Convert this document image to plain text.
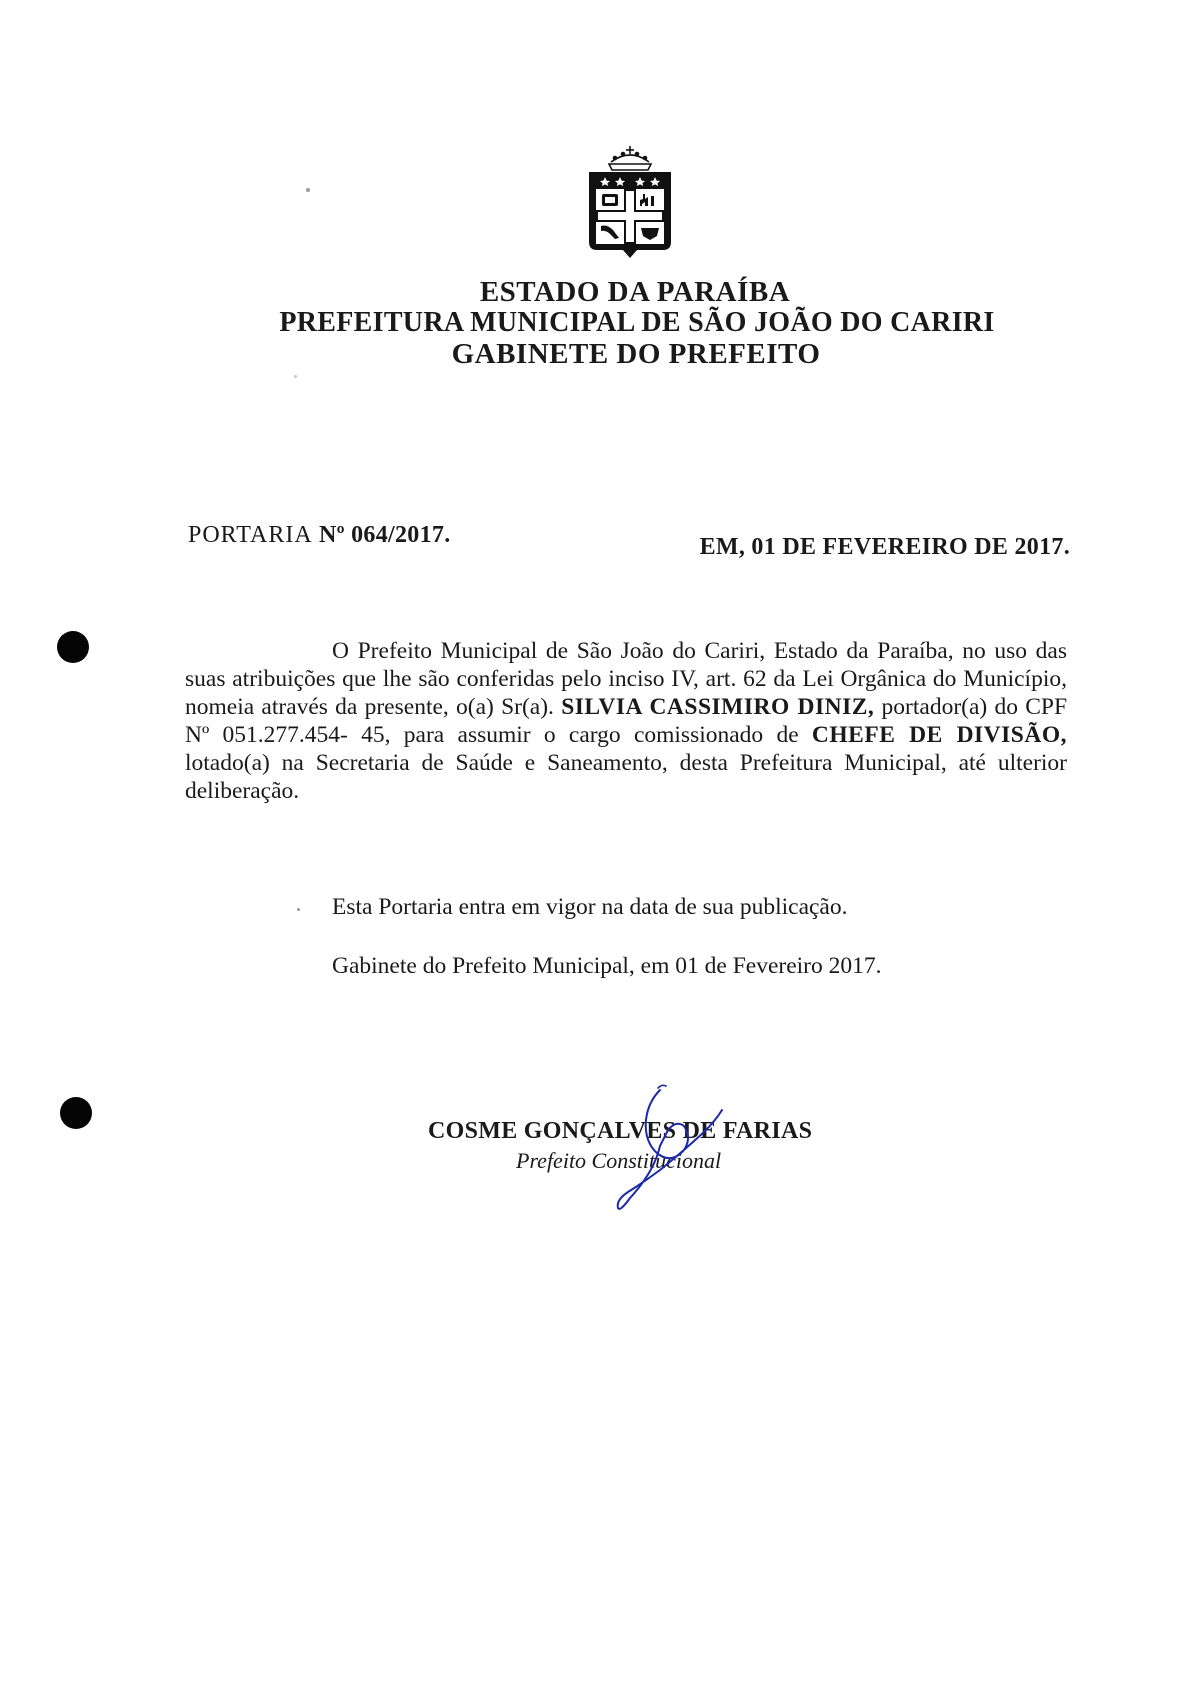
ESTADO DA PARAÍBA
PREFEITURA MUNICIPAL DE SÃO JOÃO DO CARIRI
GABINETE DO PREFEITO
PORTARIA Nº 064/2017.	EM, 01 DE FEVEREIRO DE 2017.

O Prefeito Municipal de São João do Cariri, Estado da Paraíba, no uso das suas atribuições que lhe são conferidas pelo inciso IV, art. 62 da Lei Orgânica do Município, nomeia através da presente, o(a) Sr(a). SILVIA CASSIMIRO DINIZ, portador(a) do CPF Nº 051.277.454- 45, para assumir o cargo comissionado de CHEFE DE DIVISÃO, lotado(a) na Secretaria de Saúde e Saneamento, desta Prefeitura Municipal, até ulterior deliberação.

Esta Portaria entra em vigor na data de sua publicação.

Gabinete do Prefeito Municipal, em 01 de Fevereiro 2017.

COSME GONÇALVES DE FARIAS
Prefeito Constitucional
